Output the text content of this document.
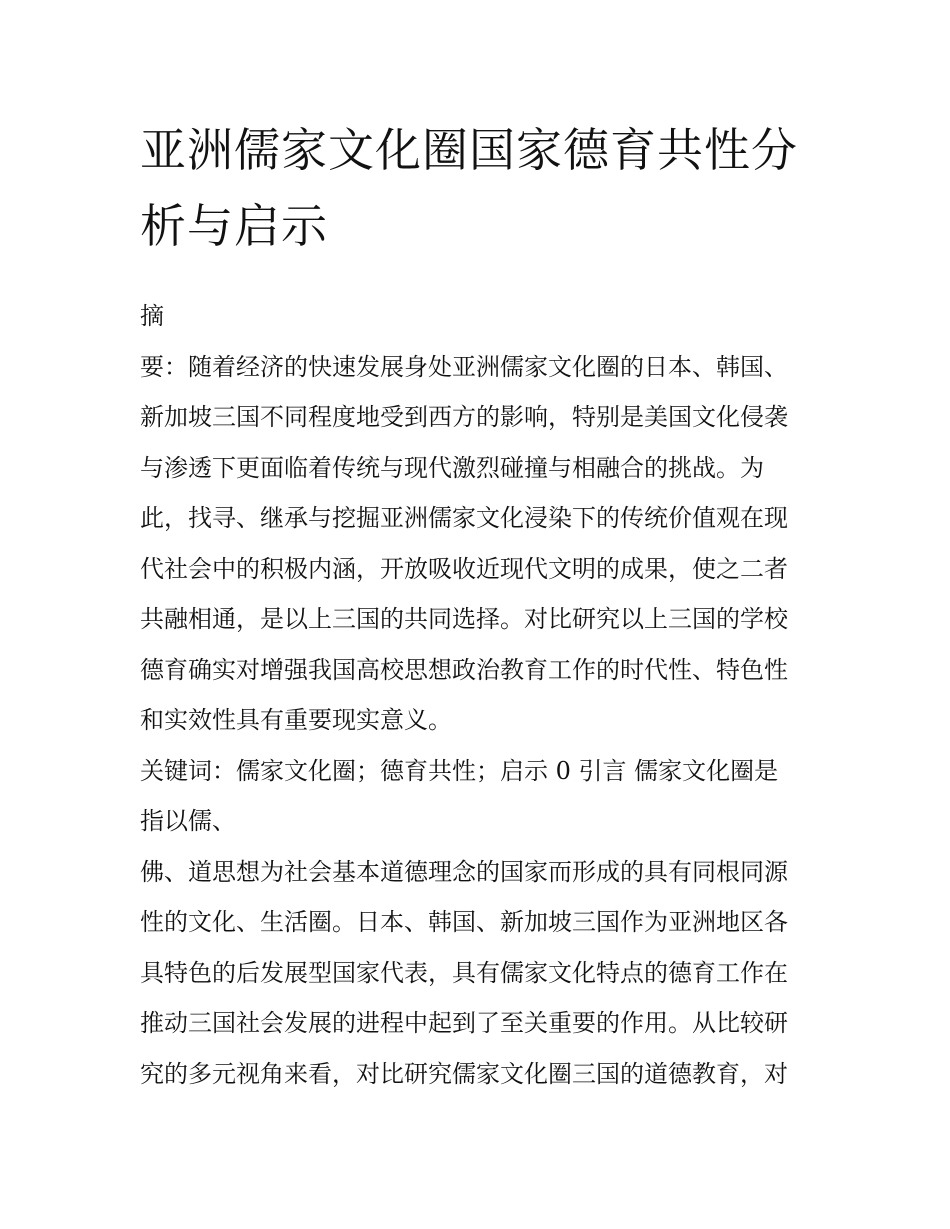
亚洲儒家文化圈国家德育共性分析与启示

摘

要：随着经济的快速发展身处亚洲儒家文化圈的日本、韩国、

新加坡三国不同程度地受到西方的影响，特别是美国文化侵袭

与渗透下更面临着传统与现代激烈碰撞与相融合的挑战。为

此，找寻、继承与挖掘亚洲儒家文化浸染下的传统价值观在现

代社会中的积极内涵，开放吸收近现代文明的成果，使之二者

共融相通，是以上三国的共同选择。对比研究以上三国的学校

德育确实对增强我国高校思想政治教育工作的时代性、特色性

和实效性具有重要现实意义。

关键词：儒家文化圈；德育共性；启示 0 引言 儒家文化圈是

指以儒、

佛、道思想为社会基本道德理念的国家而形成的具有同根同源

性的文化、生活圈。日本、韩国、新加坡三国作为亚洲地区各

具特色的后发展型国家代表，具有儒家文化特点的德育工作在

推动三国社会发展的进程中起到了至关重要的作用。从比较研

究的多元视角来看，对比研究儒家文化圈三国的道德教育，对
